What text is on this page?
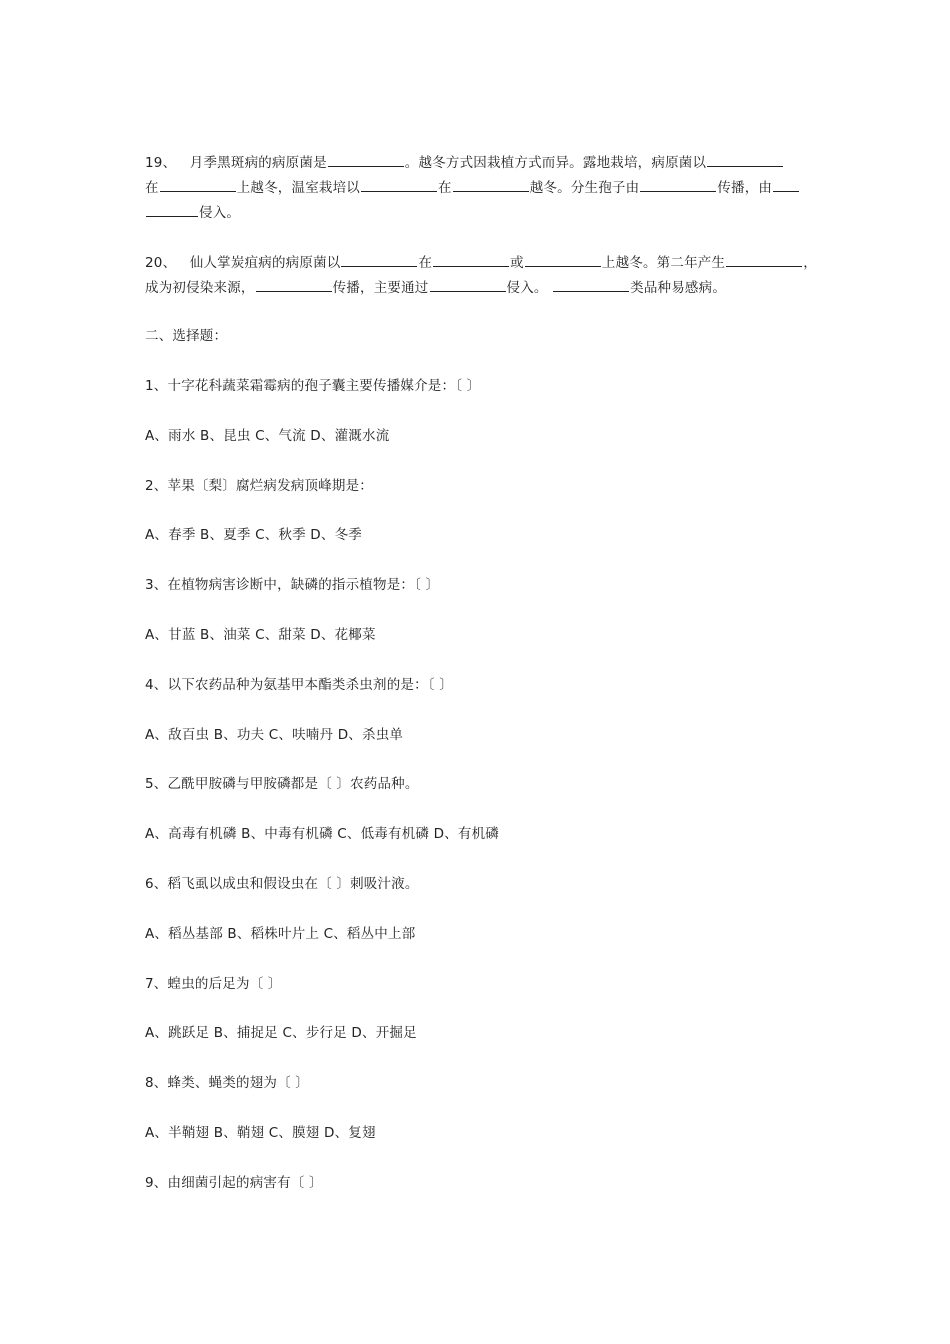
19、 月季黑斑病的病原菌是	。越冬方式因栽植方式而异。露地栽培，病原菌以
在	上越冬，温室栽培以	在	越冬。分生孢子由	传播，由
侵入。
20、 仙人掌炭疽病的病原菌以	在	或	上越冬。第二年产生	，
成为初侵染来源，	传播，主要通过	侵入。	类品种易感病。
二、选择题：
1、十字花科蔬菜霜霉病的孢子囊主要传播媒介是：〔 〕
A、雨水 B、昆虫 C、气流 D、灌溉水流
2、苹果〔梨〕腐烂病发病顶峰期是：
A、春季 B、夏季 C、秋季 D、冬季
3、在植物病害诊断中，缺磷的指示植物是：〔 〕
A、甘蓝 B、油菜 C、甜菜 D、花椰菜
4、以下农药品种为氨基甲本酯类杀虫剂的是：〔 〕
A、敌百虫 B、功夫 C、呋喃丹 D、杀虫单
5、乙酰甲胺磷与甲胺磷都是〔 〕农药品种。
A、高毒有机磷 B、中毒有机磷 C、低毒有机磷 D、有机磷
6、稻飞虱以成虫和假设虫在〔 〕刺吸汁液。
A、稻丛基部 B、稻株叶片上 C、稻丛中上部
7、蝗虫的后足为〔 〕
A、跳跃足 B、捕捉足 C、步行足 D、开掘足
8、蜂类、蝇类的翅为〔 〕
A、半鞘翅 B、鞘翅 C、膜翅 D、复翅
9、由细菌引起的病害有〔 〕
